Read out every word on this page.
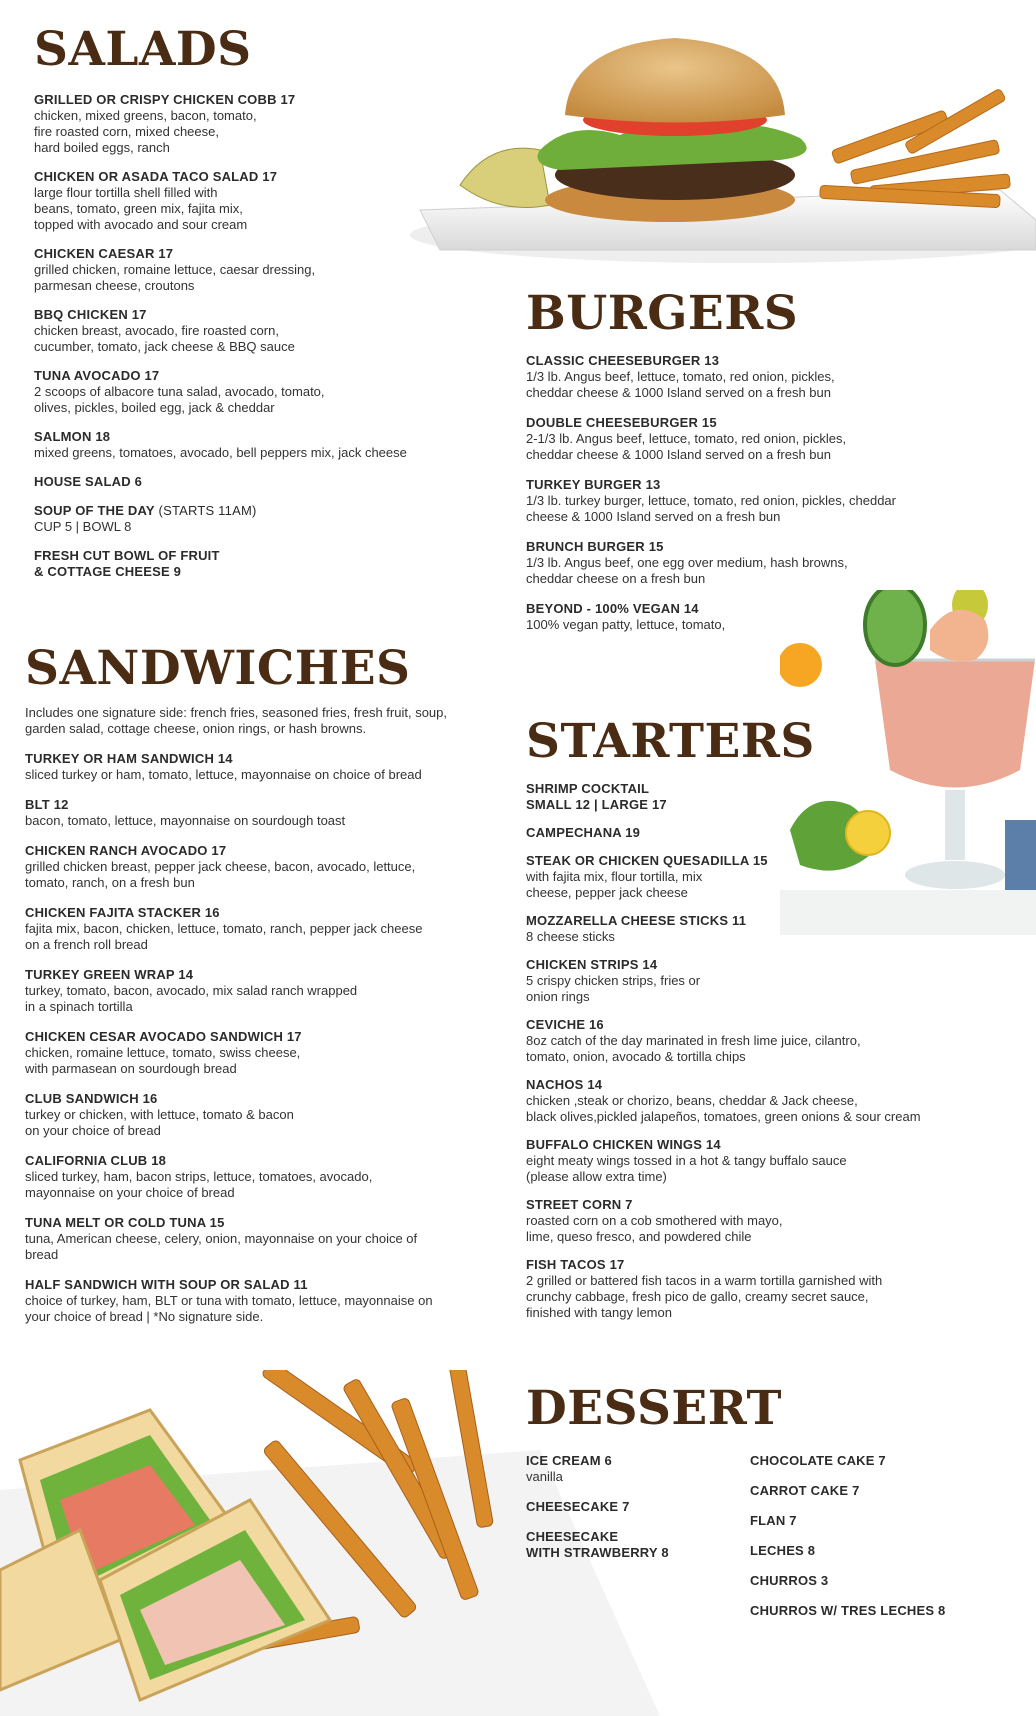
SALADS
GRILLED OR CRISPY CHICKEN COBB 17
chicken, mixed greens, bacon, tomato,
fire roasted corn, mixed cheese,
hard boiled eggs, ranch
CHICKEN OR ASADA TACO SALAD 17
large flour tortilla shell filled with
beans, tomato, green mix, fajita mix,
topped with avocado and sour cream
CHICKEN CAESAR 17
grilled chicken, romaine lettuce, caesar dressing,
parmesan cheese, croutons
BBQ CHICKEN 17
chicken breast, avocado, fire roasted corn,
cucumber, tomato, jack cheese & BBQ sauce
TUNA AVOCADO 17
2 scoops of albacore tuna salad, avocado, tomato,
olives, pickles, boiled egg, jack & cheddar
SALMON 18
mixed greens, tomatoes, avocado, bell peppers mix, jack cheese
HOUSE SALAD 6
SOUP OF THE DAY (STARTS 11AM)
CUP 5 | BOWL 8
FRESH CUT BOWL OF FRUIT
& COTTAGE CHEESE 9
BURGERS
CLASSIC CHEESEBURGER 13
1/3 lb. Angus beef, lettuce, tomato, red onion, pickles,
cheddar cheese & 1000 Island served on a fresh bun
DOUBLE CHEESEBURGER 15
2-1/3 lb. Angus beef, lettuce, tomato, red onion, pickles,
cheddar cheese & 1000 Island served on a fresh bun
TURKEY BURGER 13
1/3 lb. turkey burger, lettuce, tomato, red onion, pickles, cheddar
cheese & 1000 Island served on a fresh bun
BRUNCH BURGER 15
1/3 lb. Angus beef, one egg over medium, hash browns,
cheddar cheese on a fresh bun
BEYOND - 100% VEGAN 14
100% vegan patty, lettuce, tomato,
SANDWICHES

Includes one signature side: french fries, seasoned fries, fresh fruit, soup,
garden salad, cottage cheese, onion rings, or hash browns.

TURKEY OR HAM SANDWICH 14
sliced turkey or ham, tomato, lettuce, mayonnaise on choice of bread
BLT 12
bacon, tomato, lettuce, mayonnaise on sourdough toast
CHICKEN RANCH AVOCADO 17
grilled chicken breast, pepper jack cheese, bacon, avocado, lettuce,
tomato, ranch, on a fresh bun
CHICKEN FAJITA STACKER 16
fajita mix, bacon, chicken, lettuce, tomato, ranch, pepper jack cheese
on a french roll bread
TURKEY GREEN WRAP 14
turkey, tomato, bacon, avocado, mix salad ranch wrapped
in a spinach tortilla
CHICKEN CESAR AVOCADO SANDWICH 17
chicken, romaine lettuce, tomato, swiss cheese,
with parmasean on sourdough bread
CLUB SANDWICH 16
turkey or chicken, with lettuce, tomato & bacon
on your choice of bread
CALIFORNIA CLUB 18
sliced turkey, ham, bacon strips, lettuce, tomatoes, avocado,
mayonnaise on your choice of bread
TUNA MELT OR COLD TUNA 15
tuna, American cheese, celery, onion, mayonnaise on your choice of
bread
HALF SANDWICH WITH SOUP OR SALAD 11
choice of turkey, ham, BLT or tuna with tomato, lettuce, mayonnaise on
your choice of bread | *No signature side.
STARTERS
SHRIMP COCKTAIL
SMALL 12 | LARGE 17
CAMPECHANA 19
STEAK OR CHICKEN QUESADILLA 15
with fajita mix, flour tortilla, mix
cheese, pepper jack cheese
MOZZARELLA CHEESE STICKS 11
8 cheese sticks
CHICKEN STRIPS 14
5 crispy chicken strips, fries or
onion rings
CEVICHE 16
8oz catch of the day marinated in fresh lime juice, cilantro,
tomato, onion, avocado & tortilla chips
NACHOS 14
chicken ,steak or chorizo, beans, cheddar & Jack cheese,
black olives,pickled jalapeños, tomatoes, green onions & sour cream
BUFFALO CHICKEN WINGS 14
eight meaty wings tossed in a hot & tangy buffalo sauce
(please allow extra time)
STREET CORN 7
roasted corn on a cob smothered with mayo,
lime, queso fresco, and powdered chile
FISH TACOS 17
2 grilled or battered fish tacos in a warm tortilla garnished with
crunchy cabbage, fresh pico de gallo, creamy secret sauce,
finished with tangy lemon
DESSERT
ICE CREAM 6
vanilla
CHEESECAKE 7
CHEESECAKE
WITH STRAWBERRY 8
CHOCOLATE CAKE 7
CARROT CAKE 7
FLAN 7
LECHES 8
CHURROS 3
CHURROS W/ TRES LECHES 8
